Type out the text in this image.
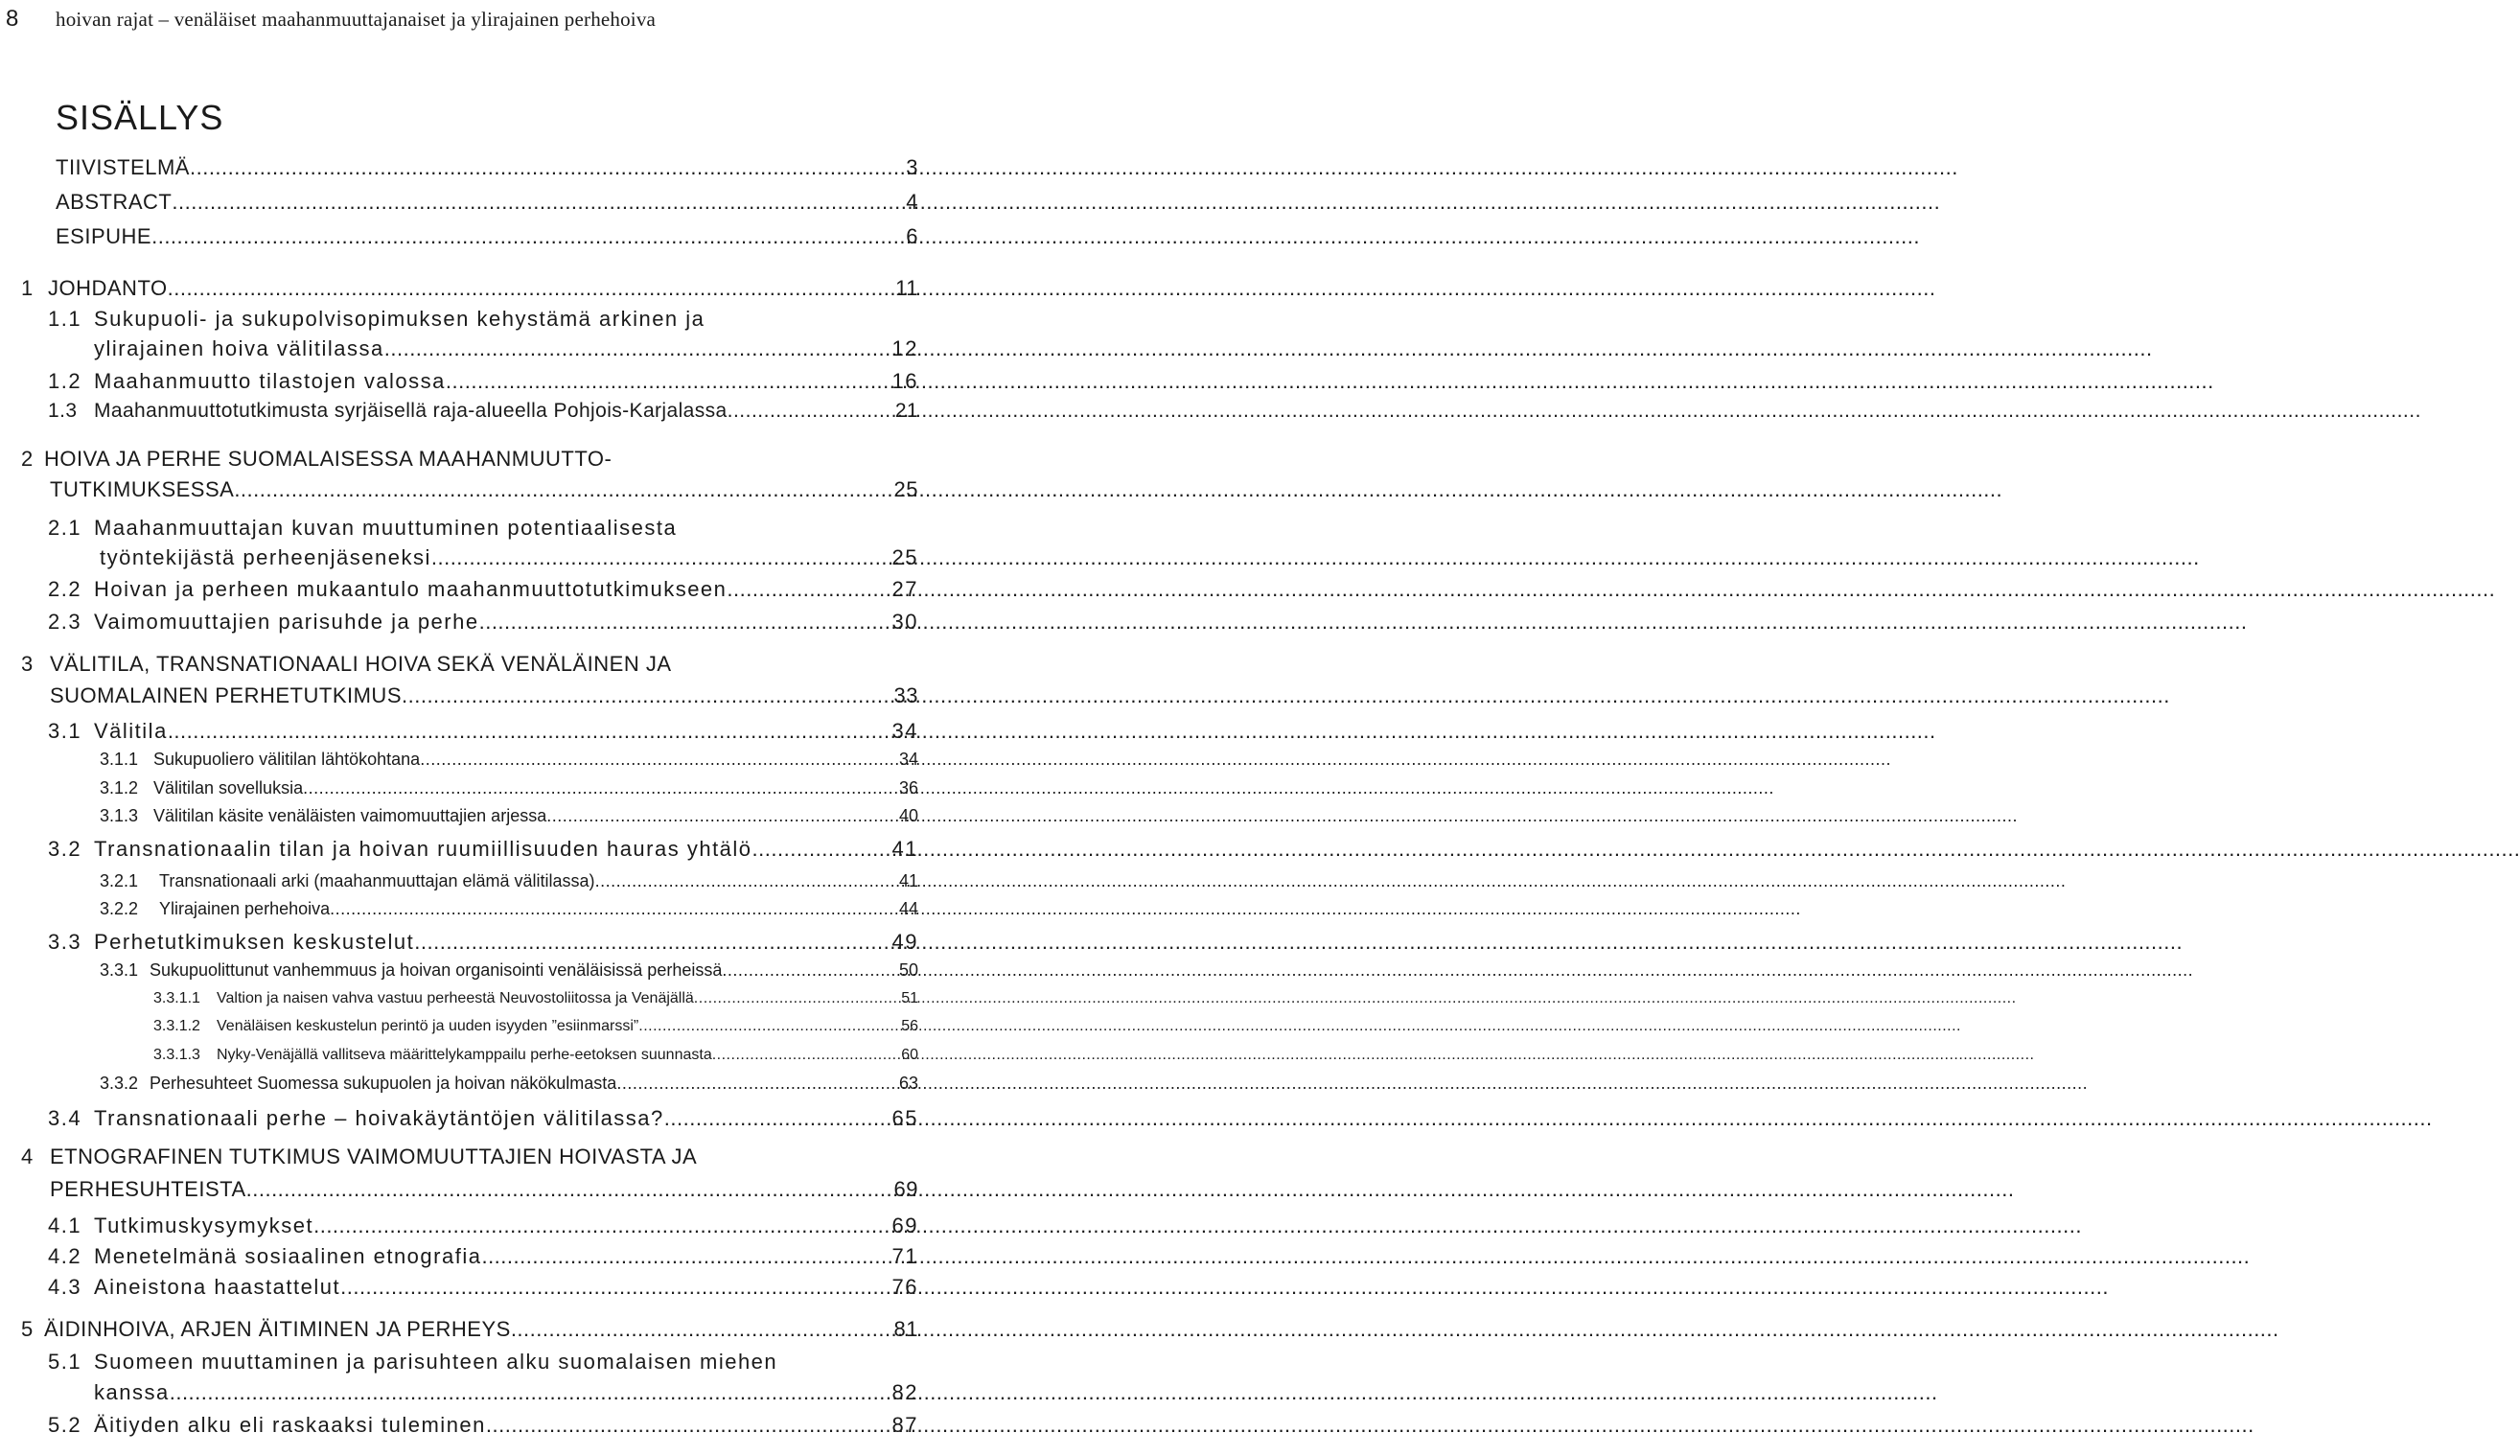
8 hoivan rajat – venäläiset maahanmuuttajanaiset ja ylirajainen perhehoiva
SISÄLLYS
TIIVISTELMÄ .....	3
ABSTRACT .....	4
ESIPUHE .....	6
1 JOHDANTO .....	11
1.1 Sukupuoli- ja sukupolvisopimuksen kehystämä arkinen ja
ylirajainen hoiva välitilassa .....	12
1.2 Maahanmuutto tilastojen valossa .....	16
1.3 Maahanmuuttotutkimusta syrjäisellä raja-alueella Pohjois-Karjalassa .....	21
2 HOIVA JA PERHE SUOMALAISESSA MAAHANMUUTTO-
TUTKIMUKSESSA .....	25
2.1 Maahanmuuttajan kuvan muuttuminen potentiaalisesta
työntekijästä perheenjäseneksi .....	25
2.2 Hoivan ja perheen mukaantulo maahanmuuttotutkimukseen .....	27
2.3 Vaimomuuttajien parisuhde ja perhe .....	30
3 VÄLITILA, TRANSNATIONAALI HOIVA SEKÄ VENÄLÄINEN JA
SUOMALAINEN PERHETUTKIMUS .....	33
3.1 Välitila .....	34
3.1.1 Sukupuoliero välitilan lähtökohtana .....	34
3.1.2 Välitilan sovelluksia .....	36
3.1.3 Välitilan käsite venäläisten vaimomuuttajien arjessa .....	40
3.2 Transnationaalin tilan ja hoivan ruumiillisuuden hauras yhtälö .....	41
3.2.1	Transnationaali arki (maahanmuuttajan elämä välitilassa) .....	41
3.2.2	Ylirajainen perhehoiva .....	44
3.3 Perhetutkimuksen keskustelut .....	49
3.3.1 Sukupuolittunut vanhemmuus ja hoivan organisointi venäläisissä perheissä .....	50
3.3.1.1	Valtion ja naisen vahva vastuu perheestä Neuvostoliitossa ja Venäjällä .....	51
3.3.1.2	Venäläisen keskustelun perintö ja uuden isyyden ”esiinmarssi” .....	56
3.3.1.3	Nyky-Venäjällä vallitseva määrittelykamppailu perhe-eetoksen suunnasta .....	60
3.3.2 Perhesuhteet Suomessa sukupuolen ja hoivan näkökulmasta .....	63
3.4 Transnationaali perhe – hoivakäytäntöjen välitilassa? .....	65
4 ETNOGRAFINEN TUTKIMUS VAIMOMUUTTAJIEN HOIVASTA JA
PERHESUHTEISTA .....	69
4.1 Tutkimuskysymykset .....	69
4.2 Menetelmänä sosiaalinen etnografia .....	71
4.3 Aineistona haastattelut .....	76
5 ÄIDINHOIVA, ARJEN ÄITIMINEN JA PERHEYS .....	81
5.1 Suomeen muuttaminen ja parisuhteen alku suomalaisen miehen
kanssa .....	82
5.2 Äitiyden alku eli raskaaksi tuleminen .....	87
